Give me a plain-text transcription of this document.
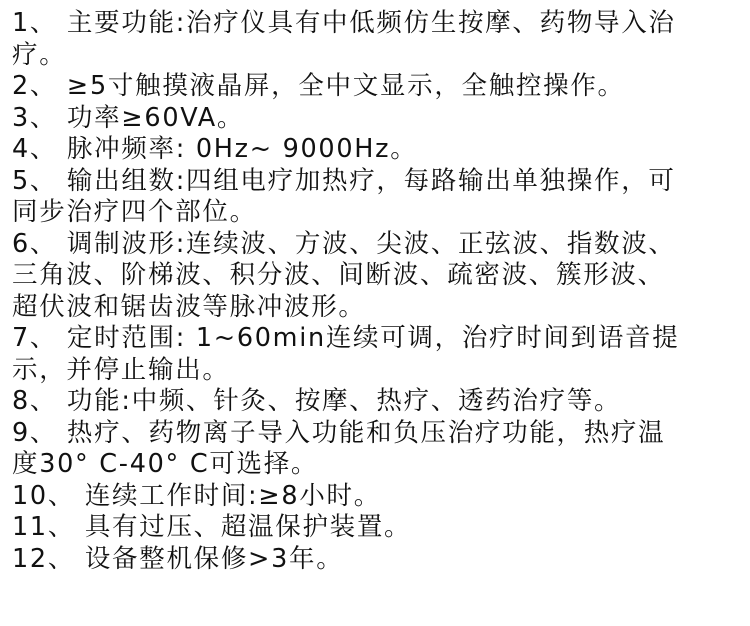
1、 主要功能:治疗仪具有中低频仿生按摩、药物导入治
疗。
2、 ≥5寸触摸液晶屏，全中文显示，全触控操作。
3、 功率≥60VA。
4、 脉冲频率: 0Hz~ 9000Hz。
5、 输出组数:四组电疗加热疗，每路输出单独操作，可
同步治疗四个部位。
6、 调制波形:连续波、方波、尖波、正弦波、指数波、
三角波、阶梯波、积分波、间断波、疏密波、簇形波、
超伏波和锯齿波等脉冲波形。
7、 定时范围: 1~60min连续可调，治疗时间到语音提
示，并停止输出。
8、 功能:中频、针灸、按摩、热疗、透药治疗等。
9、 热疗、药物离子导入功能和负压治疗功能，热疗温
度30° C-40° C可选择。
10、 连续工作时间:≥8小时。
11、 具有过压、超温保护装置。
12、 设备整机保修>3年。
